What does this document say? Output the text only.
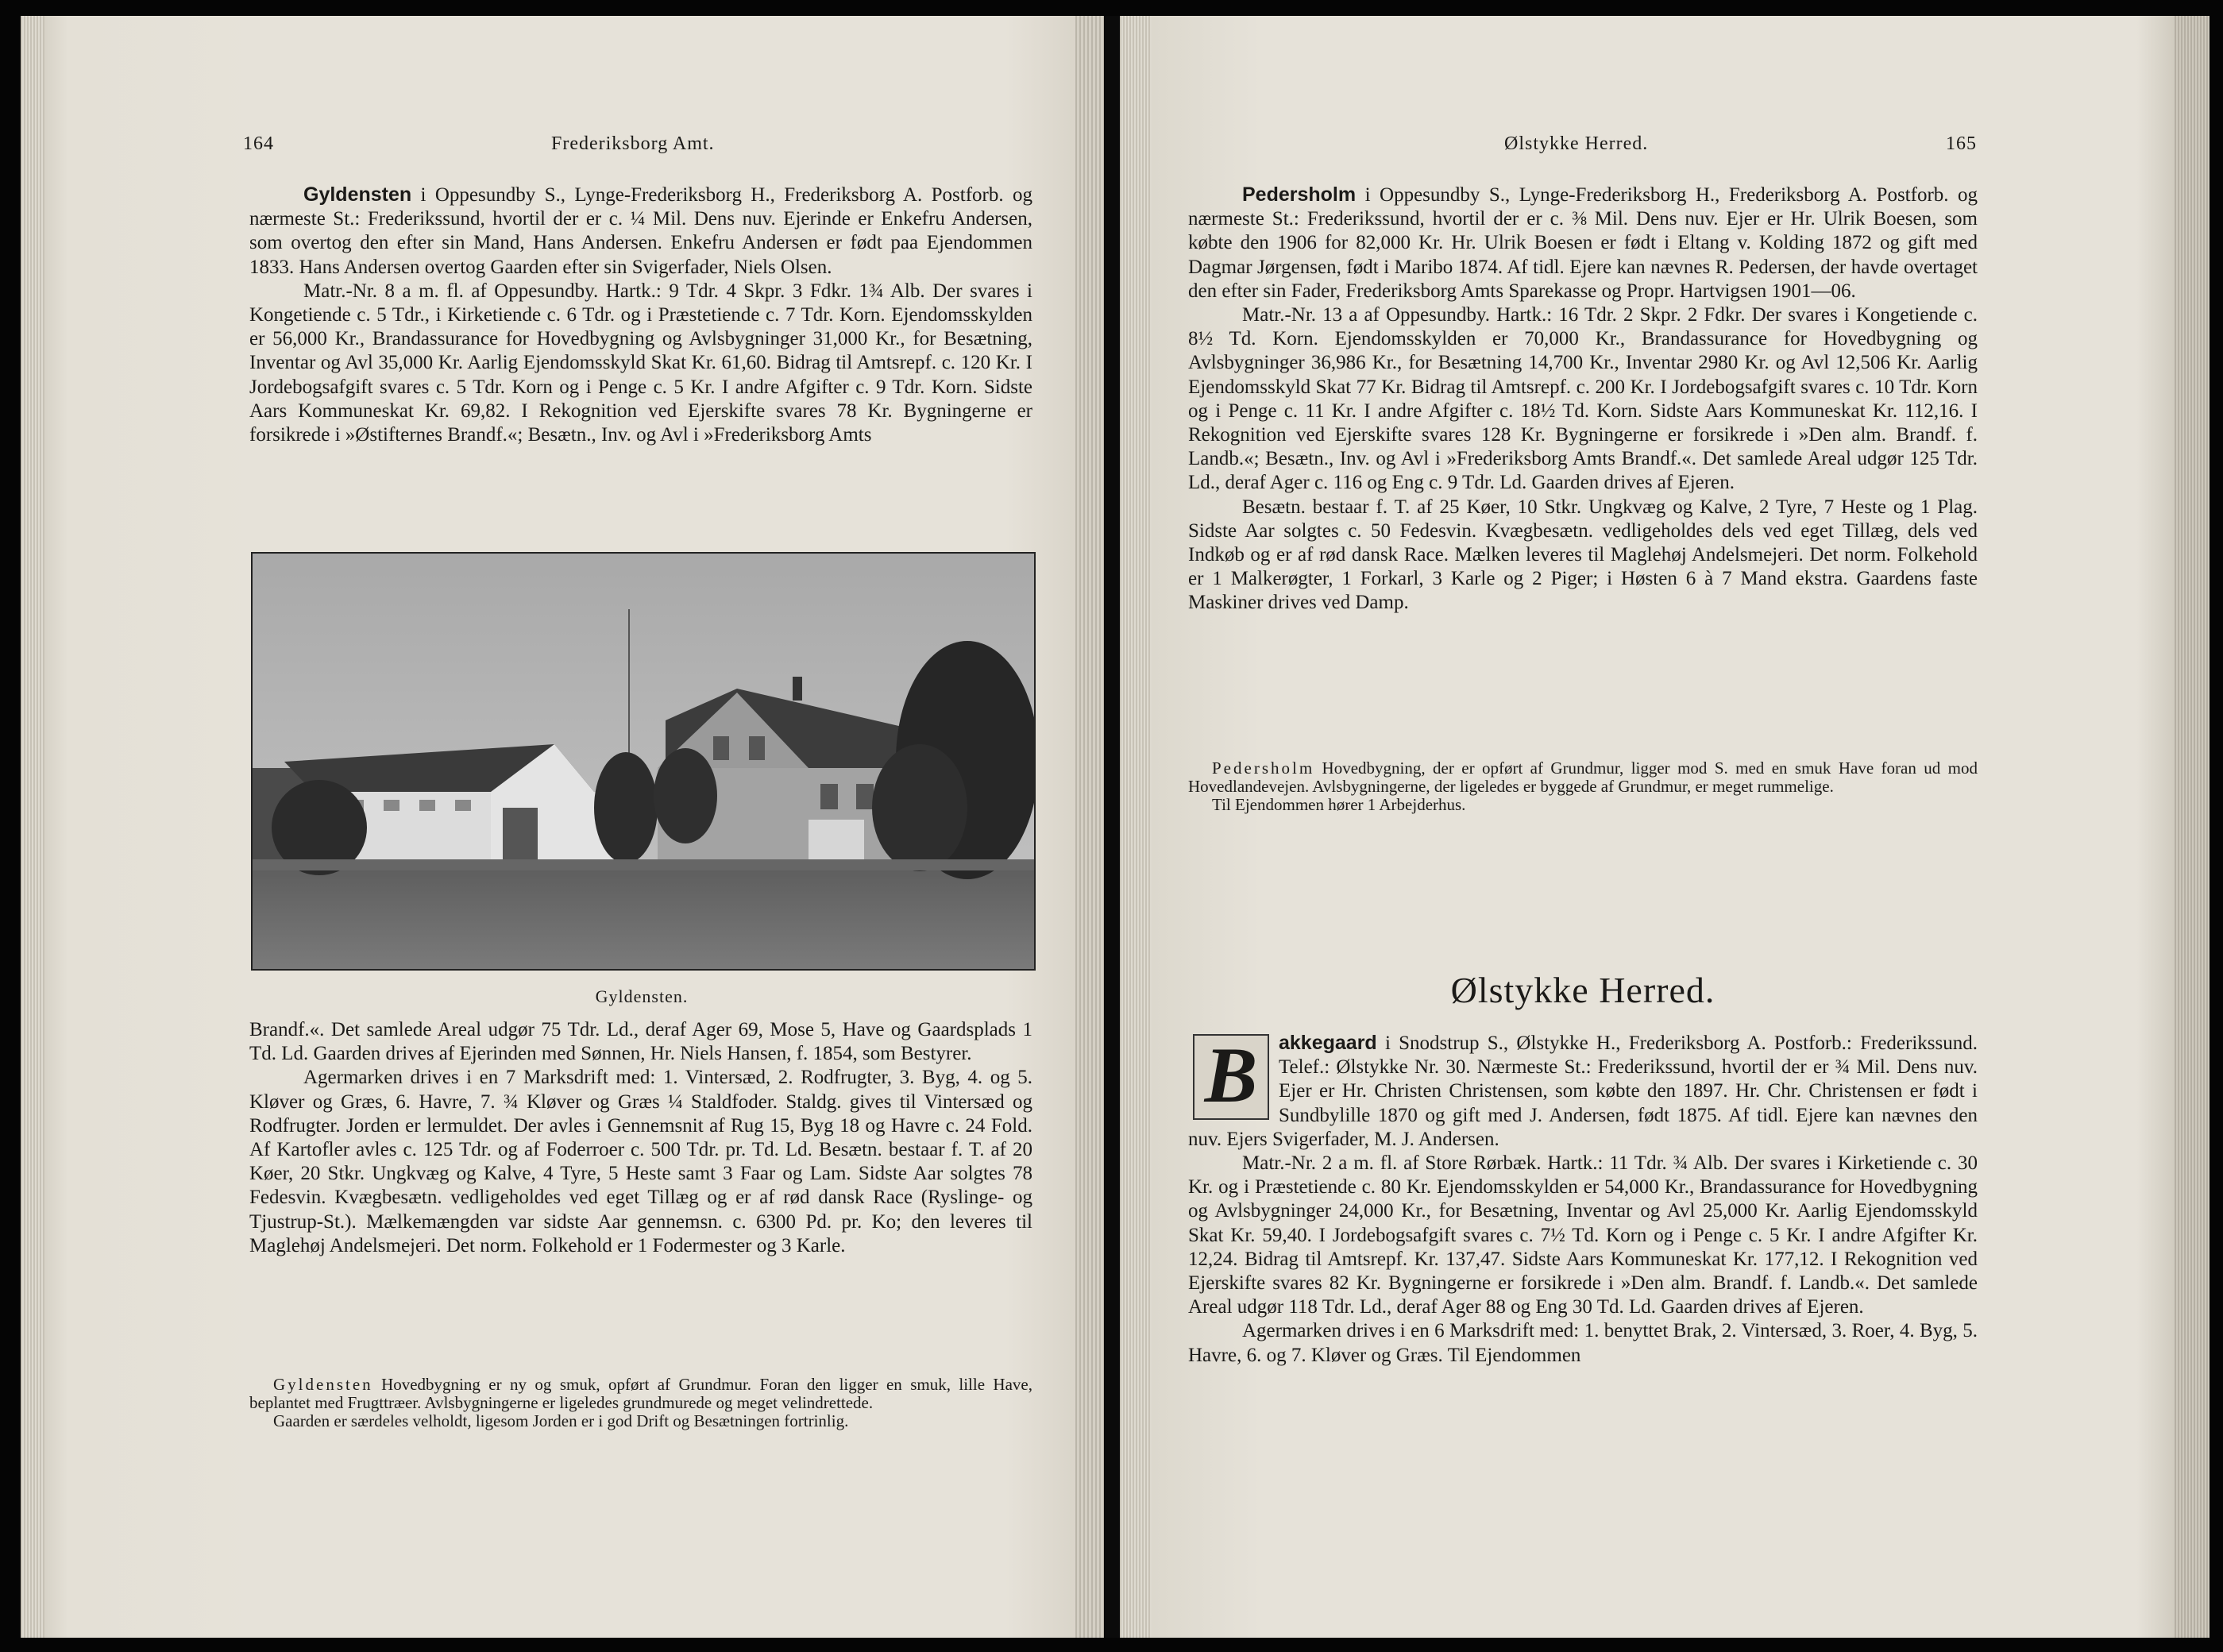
164	Frederiksborg Amt.

Gyldensten i Oppesundby S., Lynge-Frederiksborg H., Frederiksborg A. Postforb. og nærmeste St.: Frederikssund, hvortil der er c. ¼ Mil. Dens nuv. Ejerinde er Enkefru Andersen, som overtog den efter sin Mand, Hans Andersen. Enkefru Andersen er født paa Ejendommen 1833. Hans Andersen overtog Gaarden efter sin Svigerfader, Niels Olsen.

Matr.-Nr. 8 a m. fl. af Oppesundby. Hartk.: 9 Tdr. 4 Skpr. 3 Fdkr. 1¾ Alb. Der svares i Kongetiende c. 5 Tdr., i Kirketiende c. 6 Tdr. og i Præstetiende c. 7 Tdr. Korn. Ejendomsskylden er 56,000 Kr., Brandassurance for Hovedbygning og Avlsbygninger 31,000 Kr., for Besætning, Inventar og Avl 35,000 Kr. Aarlig Ejendomsskyld Skat Kr. 61,60. Bidrag til Amtsrepf. c. 120 Kr. I Jordebogsafgift svares c. 5 Tdr. Korn og i Penge c. 5 Kr. I andre Afgifter c. 9 Tdr. Korn. Sidste Aars Kommuneskat Kr. 69,82. I Rekognition ved Ejerskifte svares 78 Kr. Bygningerne er forsikrede i »Østifternes Brandf.«; Besætn., Inv. og Avl i »Frederiksborg Amts

Gyldensten.

Brandf.«. Det samlede Areal udgør 75 Tdr. Ld., deraf Ager 69, Mose 5, Have og Gaardsplads 1 Td. Ld. Gaarden drives af Ejerinden med Sønnen, Hr. Niels Hansen, f. 1854, som Bestyrer.

Agermarken drives i en 7 Marksdrift med: 1. Vintersæd, 2. Rodfrugter, 3. Byg, 4. og 5. Kløver og Græs, 6. Havre, 7. ¾ Kløver og Græs ¼ Staldfoder. Staldg. gives til Vintersæd og Rodfrugter. Jorden er lermuldet. Der avles i Gennemsnit af Rug 15, Byg 18 og Havre c. 24 Fold. Af Kartofler avles c. 125 Tdr. og af Foderroer c. 500 Tdr. pr. Td. Ld. Besætn. bestaar f. T. af 20 Køer, 20 Stkr. Ungkvæg og Kalve, 4 Tyre, 5 Heste samt 3 Faar og Lam. Sidste Aar solgtes 78 Fedesvin. Kvægbesætn. vedligeholdes ved eget Tillæg og er af rød dansk Race (Ryslinge- og Tjustrup-St.). Mælkemængden var sidste Aar gennemsn. c. 6300 Pd. pr. Ko; den leveres til Maglehøj Andelsmejeri. Det norm. Folkehold er 1 Fodermester og 3 Karle.

Gyldensten Hovedbygning er ny og smuk, opført af Grundmur. Foran den ligger en smuk, lille Have, beplantet med Frugttræer. Avlsbygningerne er ligeledes grundmurede og meget velindrettede.

Gaarden er særdeles velholdt, ligesom Jorden er i god Drift og Besætningen fortrinlig.

Ølstykke Herred.	165

Pedersholm i Oppesundby S., Lynge-Frederiksborg H., Frederiksborg A. Postforb. og nærmeste St.: Frederikssund, hvortil der er c. ⅜ Mil. Dens nuv. Ejer er Hr. Ulrik Boesen, som købte den 1906 for 82,000 Kr. Hr. Ulrik Boesen er født i Eltang v. Kolding 1872 og gift med Dagmar Jørgensen, født i Maribo 1874. Af tidl. Ejere kan nævnes R. Pedersen, der havde overtaget den efter sin Fader, Frederiksborg Amts Sparekasse og Propr. Hartvigsen 1901—06.

Matr.-Nr. 13 a af Oppesundby. Hartk.: 16 Tdr. 2 Skpr. 2 Fdkr. Der svares i Kongetiende c. 8½ Td. Korn. Ejendomsskylden er 70,000 Kr., Brandassurance for Hovedbygning og Avlsbygninger 36,986 Kr., for Besætning 14,700 Kr., Inventar 2980 Kr. og Avl 12,506 Kr. Aarlig Ejendomsskyld Skat 77 Kr. Bidrag til Amtsrepf. c. 200 Kr. I Jordebogsafgift svares c. 10 Tdr. Korn og i Penge c. 11 Kr. I andre Afgifter c. 18½ Td. Korn. Sidste Aars Kommuneskat Kr. 112,16. I Rekognition ved Ejerskifte svares 128 Kr. Bygningerne er forsikrede i »Den alm. Brandf. f. Landb.«; Besætn., Inv. og Avl i »Frederiksborg Amts Brandf.«. Det samlede Areal udgør 125 Tdr. Ld., deraf Ager c. 116 og Eng c. 9 Tdr. Ld. Gaarden drives af Ejeren.

Besætn. bestaar f. T. af 25 Køer, 10 Stkr. Ungkvæg og Kalve, 2 Tyre, 7 Heste og 1 Plag. Sidste Aar solgtes c. 50 Fedesvin. Kvægbesætn. vedligeholdes dels ved eget Tillæg, dels ved Indkøb og er af rød dansk Race. Mælken leveres til Maglehøj Andelsmejeri. Det norm. Folkehold er 1 Malkerøgter, 1 Forkarl, 3 Karle og 2 Piger; i Høsten 6 à 7 Mand ekstra. Gaardens faste Maskiner drives ved Damp.

Pedersholm Hovedbygning, der er opført af Grundmur, ligger mod S. med en smuk Have foran ud mod Hovedlandevejen. Avlsbygningerne, der ligeledes er byggede af Grundmur, er meget rummelige.

Til Ejendommen hører 1 Arbejderhus.

Ølstykke Herred.

B	akkegaard i Snodstrup S., Ølstykke H., Frederiksborg A. Postforb.: Frederikssund. Telef.: Ølstykke Nr. 30. Nærmeste St.: Frederikssund, hvortil der er ¾ Mil. Dens nuv. Ejer er Hr. Christen Christensen, som købte den 1897. Hr. Chr. Christensen er født i Sundbylille 1870 og gift med J. Andersen, født 1875. Af tidl. Ejere kan nævnes den nuv. Ejers Svigerfader, M. J. Andersen.

Matr.-Nr. 2 a m. fl. af Store Rørbæk. Hartk.: 11 Tdr. ¾ Alb. Der svares i Kirketiende c. 30 Kr. og i Præstetiende c. 80 Kr. Ejendomsskylden er 54,000 Kr., Brandassurance for Hovedbygning og Avlsbygninger 24,000 Kr., for Besætning, Inventar og Avl 25,000 Kr. Aarlig Ejendomsskyld Skat Kr. 59,40. I Jordebogsafgift svares c. 7½ Td. Korn og i Penge c. 5 Kr. I andre Afgifter Kr. 12,24. Bidrag til Amtsrepf. Kr. 137,47. Sidste Aars Kommuneskat Kr. 177,12. I Rekognition ved Ejerskifte svares 82 Kr. Bygningerne er forsikrede i »Den alm. Brandf. f. Landb.«. Det samlede Areal udgør 118 Tdr. Ld., deraf Ager 88 og Eng 30 Td. Ld. Gaarden drives af Ejeren.

Agermarken drives i en 6 Marksdrift med: 1. benyttet Brak, 2. Vintersæd, 3. Roer, 4. Byg, 5. Havre, 6. og 7. Kløver og Græs. Til Ejendommen
